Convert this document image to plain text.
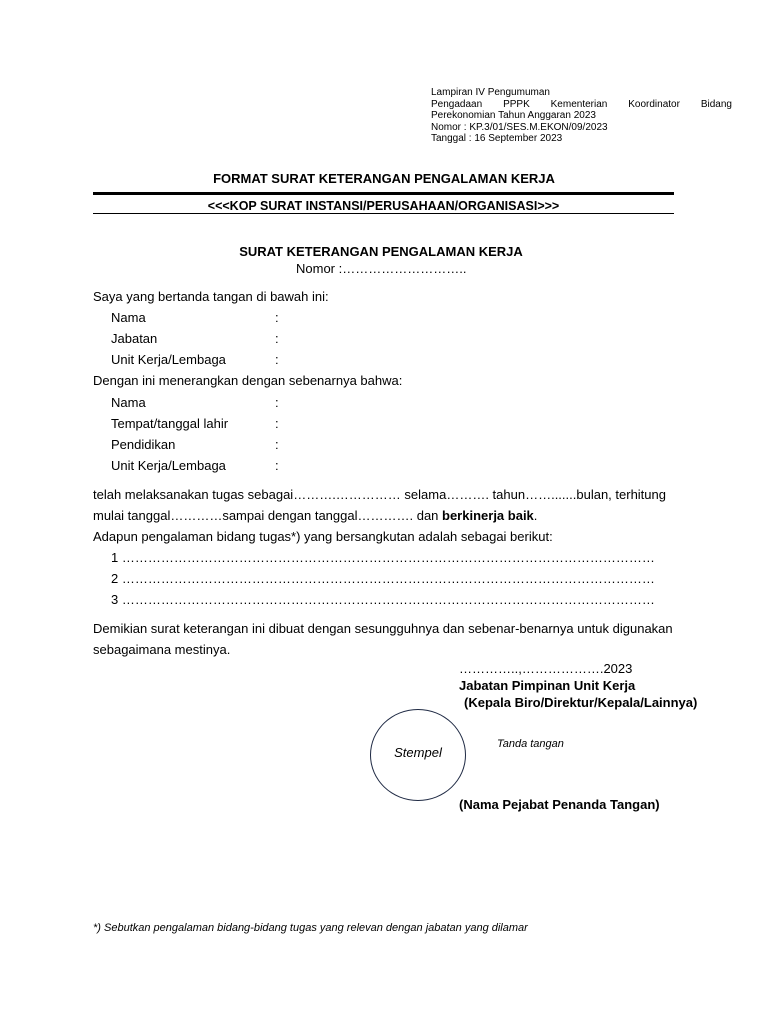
Lampiran IV Pengumuman
Pengadaan PPPK Kementerian Koordinator Bidang
Perekonomian Tahun Anggaran 2023
Nomor : KP.3/01/SES.M.EKON/09/2023
Tanggal : 16 September 2023
FORMAT SURAT KETERANGAN PENGALAMAN KERJA
<<<KOP SURAT INSTANSI/PERUSAHAAN/ORGANISASI>>>
SURAT KETERANGAN PENGALAMAN KERJA
Nomor :………………………..
Saya yang bertanda tangan di bawah ini:
Nama	:
Jabatan	:
Unit Kerja/Lembaga	:
Dengan ini menerangkan dengan sebenarnya bahwa:
Nama	:
Tempat/tanggal lahir	:
Pendidikan	:
Unit Kerja/Lembaga	:
telah melaksanakan tugas sebagai……….…………… selama………. tahun…….......bulan, terhitung
mulai tanggal…………sampai dengan tanggal…………. dan berkinerja baik.
Adapun pengalaman bidang tugas*) yang bersangkutan adalah sebagai berikut:
1 ……………………………………………………………………………………………………………
2 ……………………………………………………………………………………………………………
3 ……………………………………………………………………………………………………………
Demikian surat keterangan ini dibuat dengan sesungguhnya dan sebenar-benarnya untuk digunakan
sebagaimana mestinya.
…………..,……………….2023
Jabatan Pimpinan Unit Kerja
(Kepala Biro/Direktur/Kepala/Lainnya)
Stempel
Tanda tangan
(Nama Pejabat Penanda Tangan)
*) Sebutkan pengalaman bidang-bidang tugas yang relevan dengan jabatan yang dilamar
